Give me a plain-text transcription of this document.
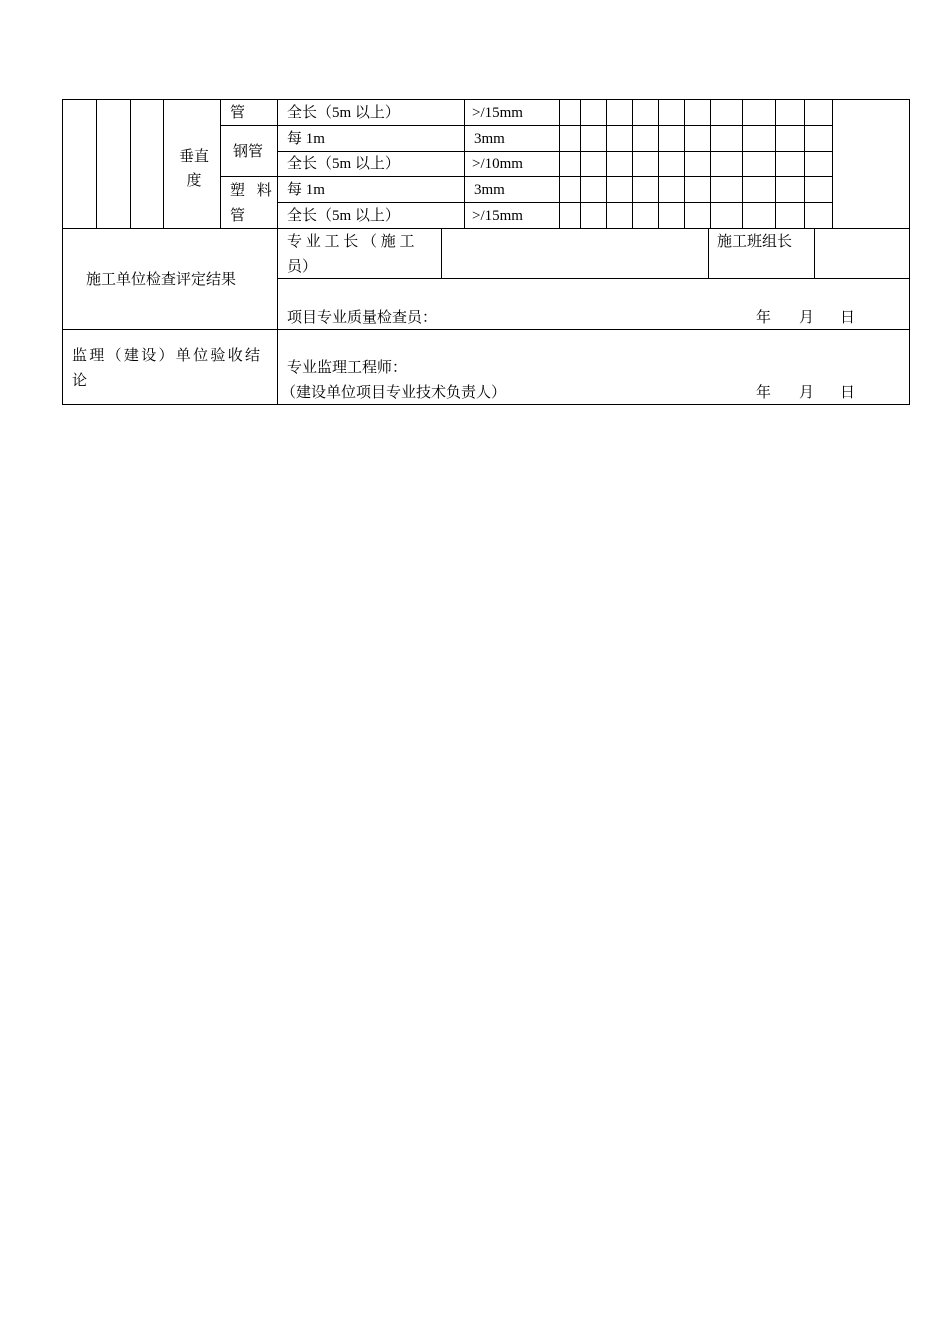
垂直
度
管
钢管
塑 料
管
全长（5m 以上）
每 1m
全长（5m 以上）
每 1m
全长（5m 以上）
>/15mm
3mm
>/10mm
3mm
>/15mm
施工单位检查评定结果
专 业 工 长 （ 施 工
员）
施工班组长
项目专业质量检查员：	年 月 日
监理（建设）单位验收结
论
专业监理工程师：
（建设单位项目专业技术负责人）	年 月 日
